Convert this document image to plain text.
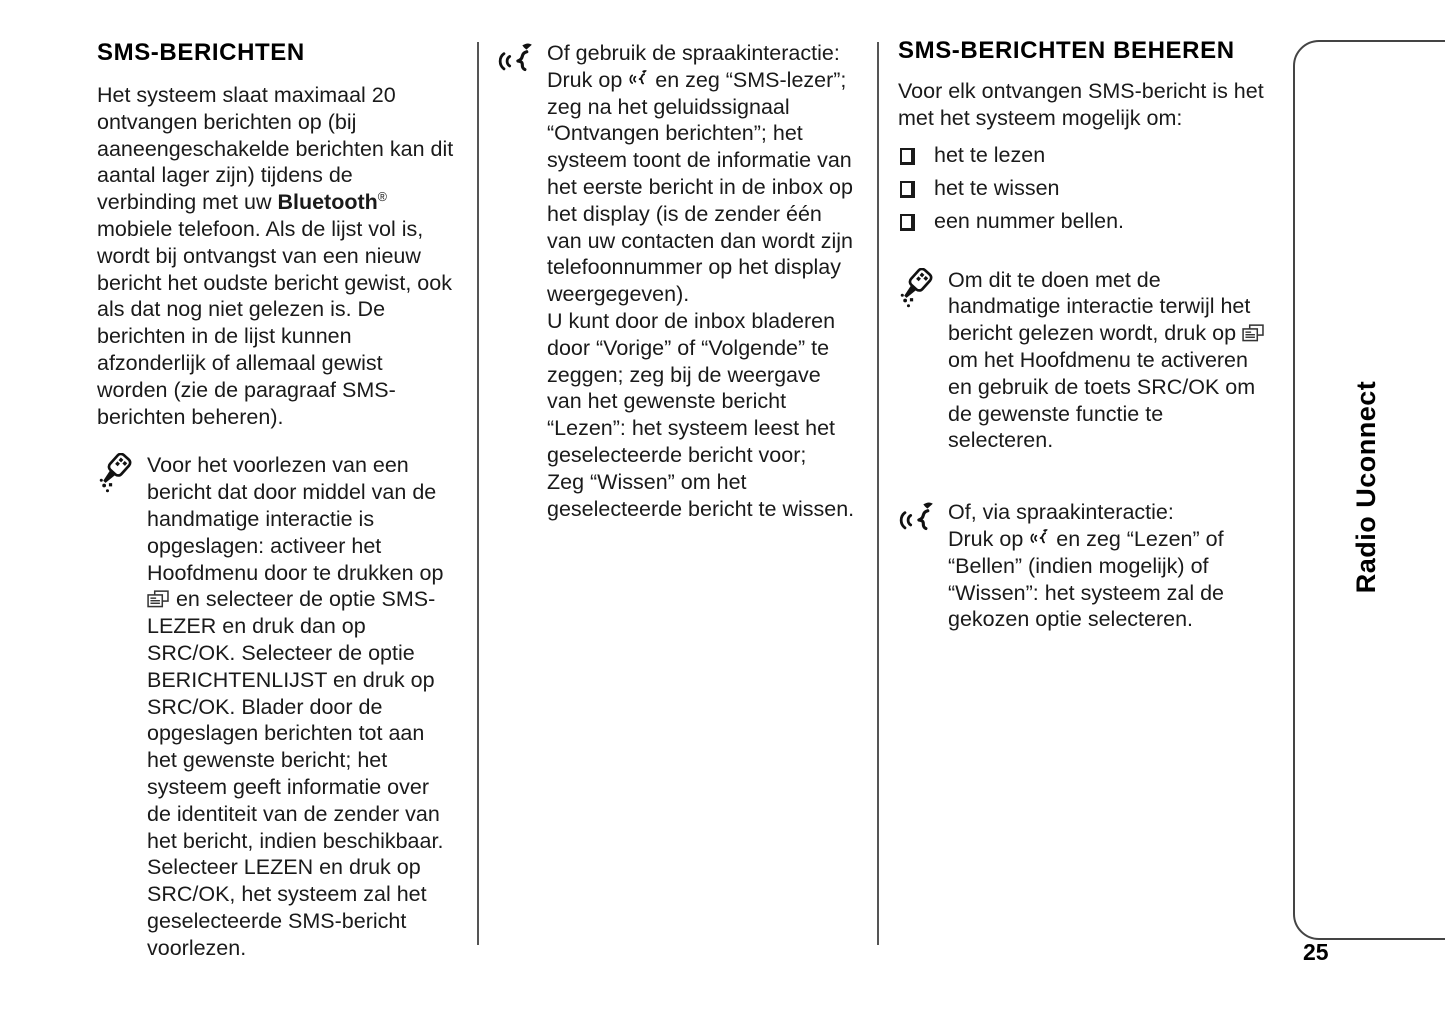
SMS-BERICHTEN

Het systeem slaat maximaal 20 ontvangen berichten op (bij aaneengeschakelde berichten kan dit aantal lager zijn) tijdens de verbinding met uw Bluetooth® mobiele telefoon. Als de lijst vol is, wordt bij ontvangst van een nieuw bericht het oudste bericht gewist, ook als dat nog niet gelezen is. De berichten in de lijst kunnen afzonderlijk of allemaal gewist worden (zie de paragraaf SMS-berichten beheren).

Voor het voorlezen van een bericht dat door middel van de handmatige interactie is opgeslagen: activeer het Hoofdmenu door te drukken op  en selecteer de optie SMS-LEZER en druk dan op SRC/OK. Selecteer de optie BERICHTENLIJST en druk op SRC/OK. Blader door de opgeslagen berichten tot aan het gewenste bericht; het systeem geeft informatie over de identiteit van de zender van het bericht, indien beschikbaar.
Selecteer LEZEN en druk op SRC/OK, het systeem zal het geselecteerde SMS-bericht voorlezen.
Of gebruik de spraakinteractie:
Druk op  en zeg “SMS-lezer”; zeg na het geluidssignaal “Ontvangen berichten”; het systeem toont de informatie van het eerste bericht in de inbox op het display (is de zender één van uw contacten dan wordt zijn telefoonnummer op het display weergegeven).
U kunt door de inbox bladeren door “Vorige” of “Volgende” te zeggen; zeg bij de weergave van het gewenste bericht “Lezen”: het systeem leest het geselecteerde bericht voor;
Zeg “Wissen” om het geselecteerde bericht te wissen.
SMS-BERICHTEN BEHEREN

Voor elk ontvangen SMS-bericht is het met het systeem mogelijk om:

het te lezen
het te wissen
een nummer bellen.
Om dit te doen met de handmatige interactie terwijl het bericht gelezen wordt, druk op  om het Hoofdmenu te activeren en gebruik de toets SRC/OK om de gewenste functie te selecteren.
Of, via spraakinteractie:
Druk op  en zeg “Lezen” of “Bellen” (indien mogelijk) of “Wissen”: het systeem zal de gekozen optie selecteren.
Radio Uconnect
25
